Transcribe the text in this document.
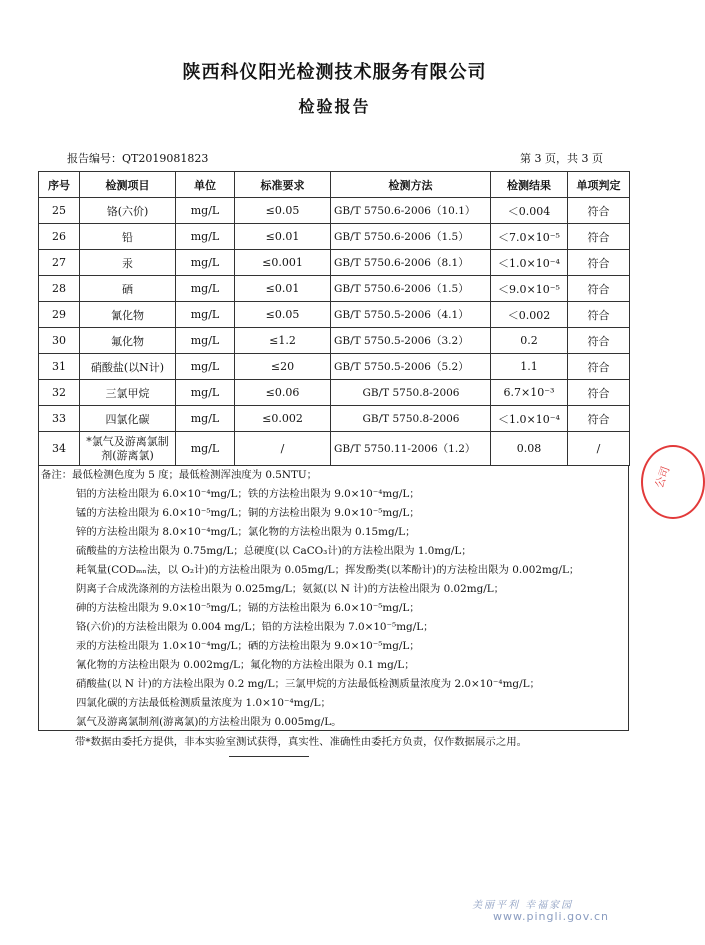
陕西科仪阳光检测技术服务有限公司
检验报告
报告编号：QT2019081823	第 3 页，共 3 页
序号	检测项目	单位	标准要求	检测方法	检测结果	单项判定
25	铬(六价)	mg/L	≤0.05	GB/T 5750.6-2006（10.1）	＜0.004	符合
26	铅	mg/L	≤0.01	GB/T 5750.6-2006（1.5）	＜7.0×10⁻⁵	符合
27	汞	mg/L	≤0.001	GB/T 5750.6-2006（8.1）	＜1.0×10⁻⁴	符合
28	硒	mg/L	≤0.01	GB/T 5750.6-2006（1.5）	＜9.0×10⁻⁵	符合
29	氰化物	mg/L	≤0.05	GB/T 5750.5-2006（4.1）	＜0.002	符合
30	氟化物	mg/L	≤1.2	GB/T 5750.5-2006（3.2）	0.2	符合
31	硝酸盐(以N计)	mg/L	≤20	GB/T 5750.5-2006（5.2）	1.1	符合
32	三氯甲烷	mg/L	≤0.06	GB/T 5750.8-2006	6.7×10⁻³	符合
33	四氯化碳	mg/L	≤0.002	GB/T 5750.8-2006	＜1.0×10⁻⁴	符合
34	*氯气及游离氯制剂(游离氯)	mg/L	/	GB/T 5750.11-2006（1.2）	0.08	/
备注：最低检测色度为 5 度；最低检测浑浊度为 0.5NTU；
铝的方法检出限为 6.0×10⁻⁴mg/L；铁的方法检出限为 9.0×10⁻⁴mg/L；
锰的方法检出限为 6.0×10⁻⁵mg/L；铜的方法检出限为 9.0×10⁻⁵mg/L；
锌的方法检出限为 8.0×10⁻⁴mg/L；氯化物的方法检出限为 0.15mg/L；
硫酸盐的方法检出限为 0.75mg/L；总硬度(以 CaCO₃计)的方法检出限为 1.0mg/L；
耗氧量(CODₘₙ法，以 O₂计)的方法检出限为 0.05mg/L；挥发酚类(以苯酚计)的方法检出限为 0.002mg/L；
阴离子合成洗涤剂的方法检出限为 0.025mg/L；氨氮(以 N 计)的方法检出限为 0.02mg/L；
砷的方法检出限为 9.0×10⁻⁵mg/L；镉的方法检出限为 6.0×10⁻⁵mg/L；
铬(六价)的方法检出限为 0.004 mg/L；铅的方法检出限为 7.0×10⁻⁵mg/L；
汞的方法检出限为 1.0×10⁻⁴mg/L；硒的方法检出限为 9.0×10⁻⁵mg/L；
氰化物的方法检出限为 0.002mg/L；氟化物的方法检出限为 0.1 mg/L；
硝酸盐(以 N 计)的方法检出限为 0.2 mg/L；三氯甲烷的方法最低检测质量浓度为 2.0×10⁻⁴mg/L；
四氯化碳的方法最低检测质量浓度为 1.0×10⁻⁴mg/L；
氯气及游离氯制剂(游离氯)的方法检出限为 0.005mg/L。
带*数据由委托方提供，非本实验室测试获得，真实性、准确性由委托方负责，仅作数据展示之用。
公司
美丽平利 幸福家园
www.pingli.gov.cn
